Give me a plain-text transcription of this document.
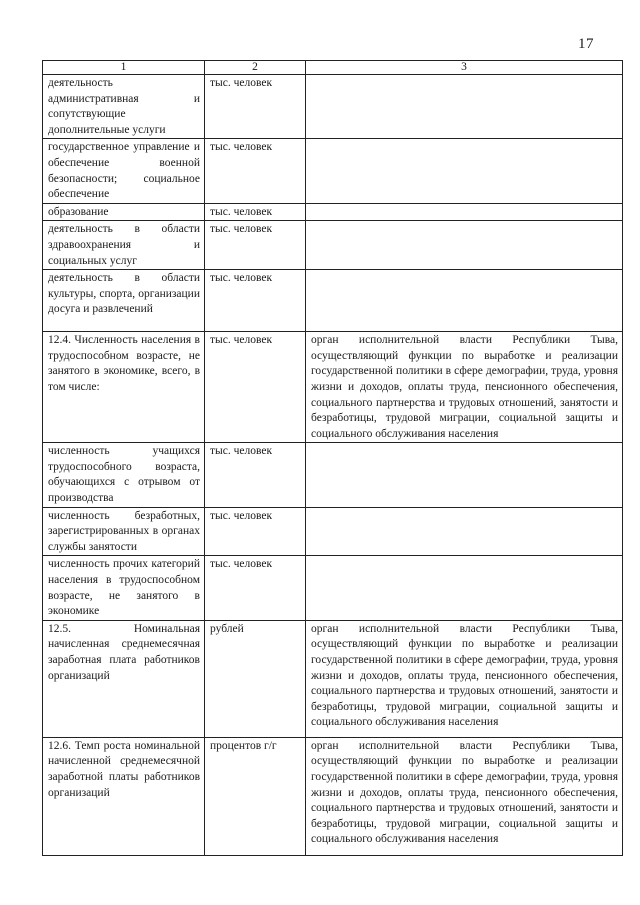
17
1	2	3
деятельность административная и сопутствующие дополнительные услуги	тыс. человек	
государственное управление и обеспечение военной безопасности; социальное обеспечение	тыс. человек	
образование	тыс. человек	
деятельность в области здравоохранения и социальных услуг	тыс. человек	
деятельность в области культуры, спорта, организации досуга и развлечений	тыс. человек	
12.4. Численность населения в трудоспособном возрасте, не занятого в экономике, всего, в том числе:	тыс. человек	орган исполнительной власти Республики Тыва, осуществляющий функции по выработке и реализации государственной политики в сфере демографии, труда, уровня жизни и доходов, оплаты труда, пенсионного обеспечения, социального партнерства и трудовых отношений, занятости и безработицы, трудовой миграции, социальной защиты и социального обслуживания населения
численность учащихся трудоспособного возраста, обучающихся с отрывом от производства	тыс. человек	
численность безработных, зарегистрированных в органах службы занятости	тыс. человек	
численность прочих категорий населения в трудоспособном возрасте, не занятого в экономике	тыс. человек	
12.5. Номинальная начисленная среднемесячная заработная плата работников организаций	рублей	орган исполнительной власти Республики Тыва, осуществляющий функции по выработке и реализации государственной политики в сфере демографии, труда, уровня жизни и доходов, оплаты труда, пенсионного обеспечения, социального партнерства и трудовых отношений, занятости и безработицы, трудовой миграции, социальной защиты и социального обслуживания населения
12.6. Темп роста номинальной начисленной среднемесячной заработной платы работников организаций	процентов г/г	орган исполнительной власти Республики Тыва, осуществляющий функции по выработке и реализации государственной политики в сфере демографии, труда, уровня жизни и доходов, оплаты труда, пенсионного обеспечения, социального партнерства и трудовых отношений, занятости и безработицы, трудовой миграции, социальной защиты и социального обслуживания населения
